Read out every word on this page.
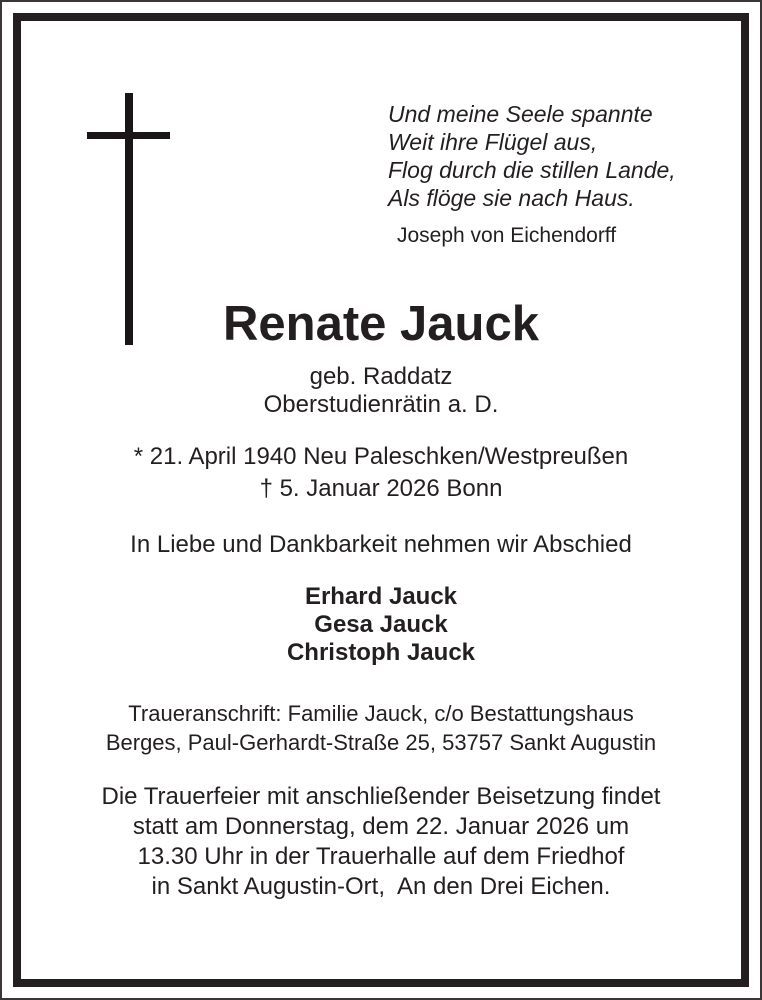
Und meine Seele spannte
Weit ihre Flügel aus,
Flog durch die stillen Lande,
Als flöge sie nach Haus.
Joseph von Eichendorff
Renate Jauck
geb. Raddatz
Oberstudienrätin a. D.
* 21. April 1940 Neu Paleschken/Westpreußen
† 5. Januar 2026 Bonn
In Liebe und Dankbarkeit nehmen wir Abschied
Erhard Jauck
Gesa Jauck
Christoph Jauck
Traueranschrift: Familie Jauck, c/o Bestattungshaus
Berges, Paul-Gerhardt-Straße 25, 53757 Sankt Augustin
Die Trauerfeier mit anschließender Beisetzung findet
statt am Donnerstag, dem 22. Januar 2026 um
13.30 Uhr in der Trauerhalle auf dem Friedhof
in Sankt Augustin-Ort,  An den Drei Eichen.
